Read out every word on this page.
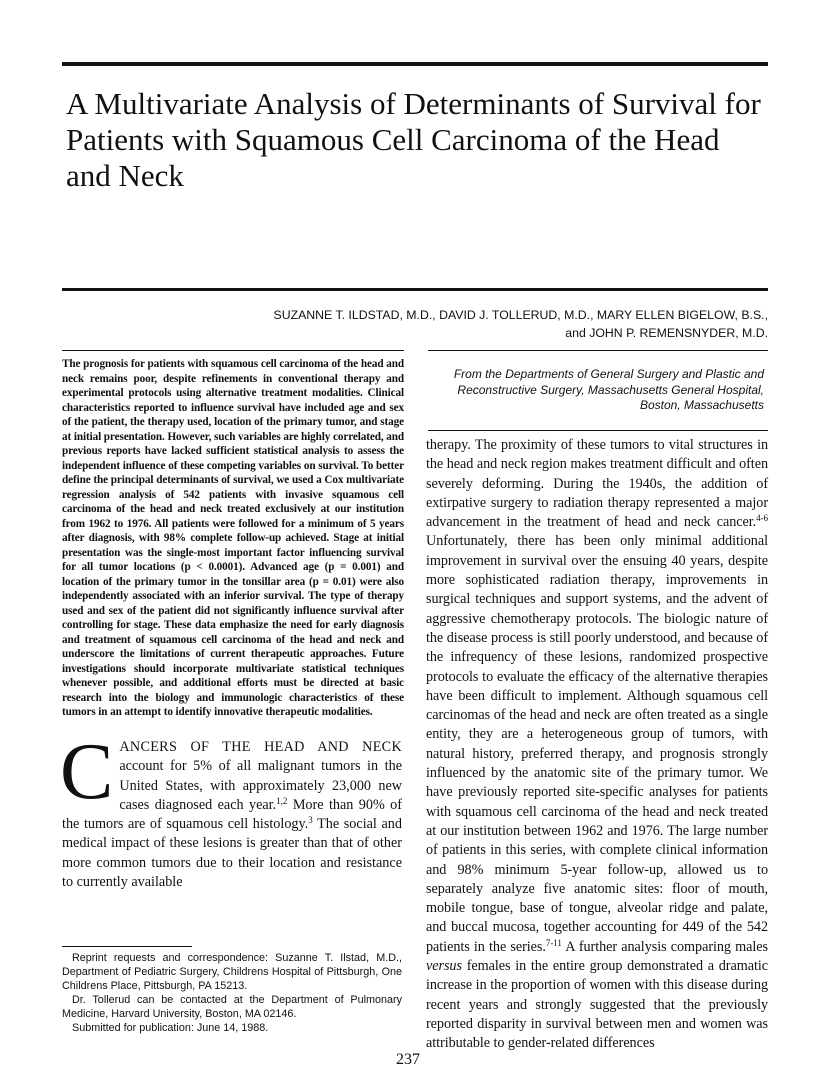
A Multivariate Analysis of Determinants of Survival for Patients with Squamous Cell Carcinoma of the Head and Neck
SUZANNE T. ILDSTAD, M.D., DAVID J. TOLLERUD, M.D., MARY ELLEN BIGELOW, B.S.,
and JOHN P. REMENSNYDER, M.D.

The prognosis for patients with squamous cell carcinoma of the head and neck remains poor, despite refinements in conventional therapy and experimental protocols using alternative treatment modalities. Clinical characteristics reported to influence survival have included age and sex of the patient, the therapy used, location of the primary tumor, and stage at initial presentation. However, such variables are highly correlated, and previous reports have lacked sufficient statistical analysis to assess the independent influence of these competing variables on survival. To better define the principal determinants of survival, we used a Cox multivariate regression analysis of 542 patients with invasive squamous cell carcinoma of the head and neck treated exclusively at our institution from 1962 to 1976. All patients were followed for a minimum of 5 years after diagnosis, with 98% complete follow-up achieved. Stage at initial presentation was the single-most important factor influencing survival for all tumor locations (p < 0.0001). Advanced age (p = 0.001) and location of the primary tumor in the tonsillar area (p = 0.01) were also independently associated with an inferior survival. The type of therapy used and sex of the patient did not significantly influence survival after controlling for stage. These data emphasize the need for early diagnosis and treatment of squamous cell carcinoma of the head and neck and underscore the limitations of current therapeutic approaches. Future investigations should incorporate multivariate statistical techniques whenever possible, and additional efforts must be directed at basic research into the biology and immunologic characteristics of these tumors in an attempt to identify innovative therapeutic modalities.

From the Departments of General Surgery and Plastic and
Reconstructive Surgery, Massachusetts General Hospital,
Boston, Massachusetts
CANCERS OF THE HEAD AND NECK account for 5% of all malignant tumors in the United States, with approximately 23,000 new cases diagnosed each year.$^{1,2}$ More than 90% of the tumors are of squamous cell histology.$^3$ The social and medical impact of these lesions is greater than that of other more common tumors due to their location and resistance to currently available
therapy. The proximity of these tumors to vital structures in the head and neck region makes treatment difficult and often severely deforming. During the 1940s, the addition of extirpative surgery to radiation therapy represented a major advancement in the treatment of head and neck cancer.$^{4-6}$ Unfortunately, there has been only minimal additional improvement in survival over the ensuing 40 years, despite more sophisticated radiation therapy, improvements in surgical techniques and support systems, and the advent of aggressive chemotherapy protocols. The biologic nature of the disease process is still poorly understood, and because of the infrequency of these lesions, randomized prospective protocols to evaluate the efficacy of the alternative therapies have been difficult to implement. Although squamous cell carcinomas of the head and neck are often treated as a single entity, they are a heterogeneous group of tumors, with natural history, preferred therapy, and prognosis strongly influenced by the anatomic site of the primary tumor. We have previously reported site-specific analyses for patients with squamous cell carcinoma of the head and neck treated at our institution between 1962 and 1976. The large number of patients in this series, with complete clinical information and 98% minimum 5-year follow-up, allowed us to separately analyze five anatomic sites: floor of mouth, mobile tongue, base of tongue, alveolar ridge and palate, and buccal mucosa, together accounting for 449 of the 542 patients in the series.$^{7-11}$ A further analysis comparing males versus females in the entire group demonstrated a dramatic increase in the proportion of women with this disease during recent years and strongly suggested that the previously reported disparity in survival between men and women was attributable to gender-related differences

Reprint requests and correspondence: Suzanne T. Ilstad, M.D., Department of Pediatric Surgery, Childrens Hospital of Pittsburgh, One Childrens Place, Pittsburgh, PA 15213.

Dr. Tollerud can be contacted at the Department of Pulmonary Medicine, Harvard University, Boston, MA 02146.

Submitted for publication: June 14, 1988.

237
